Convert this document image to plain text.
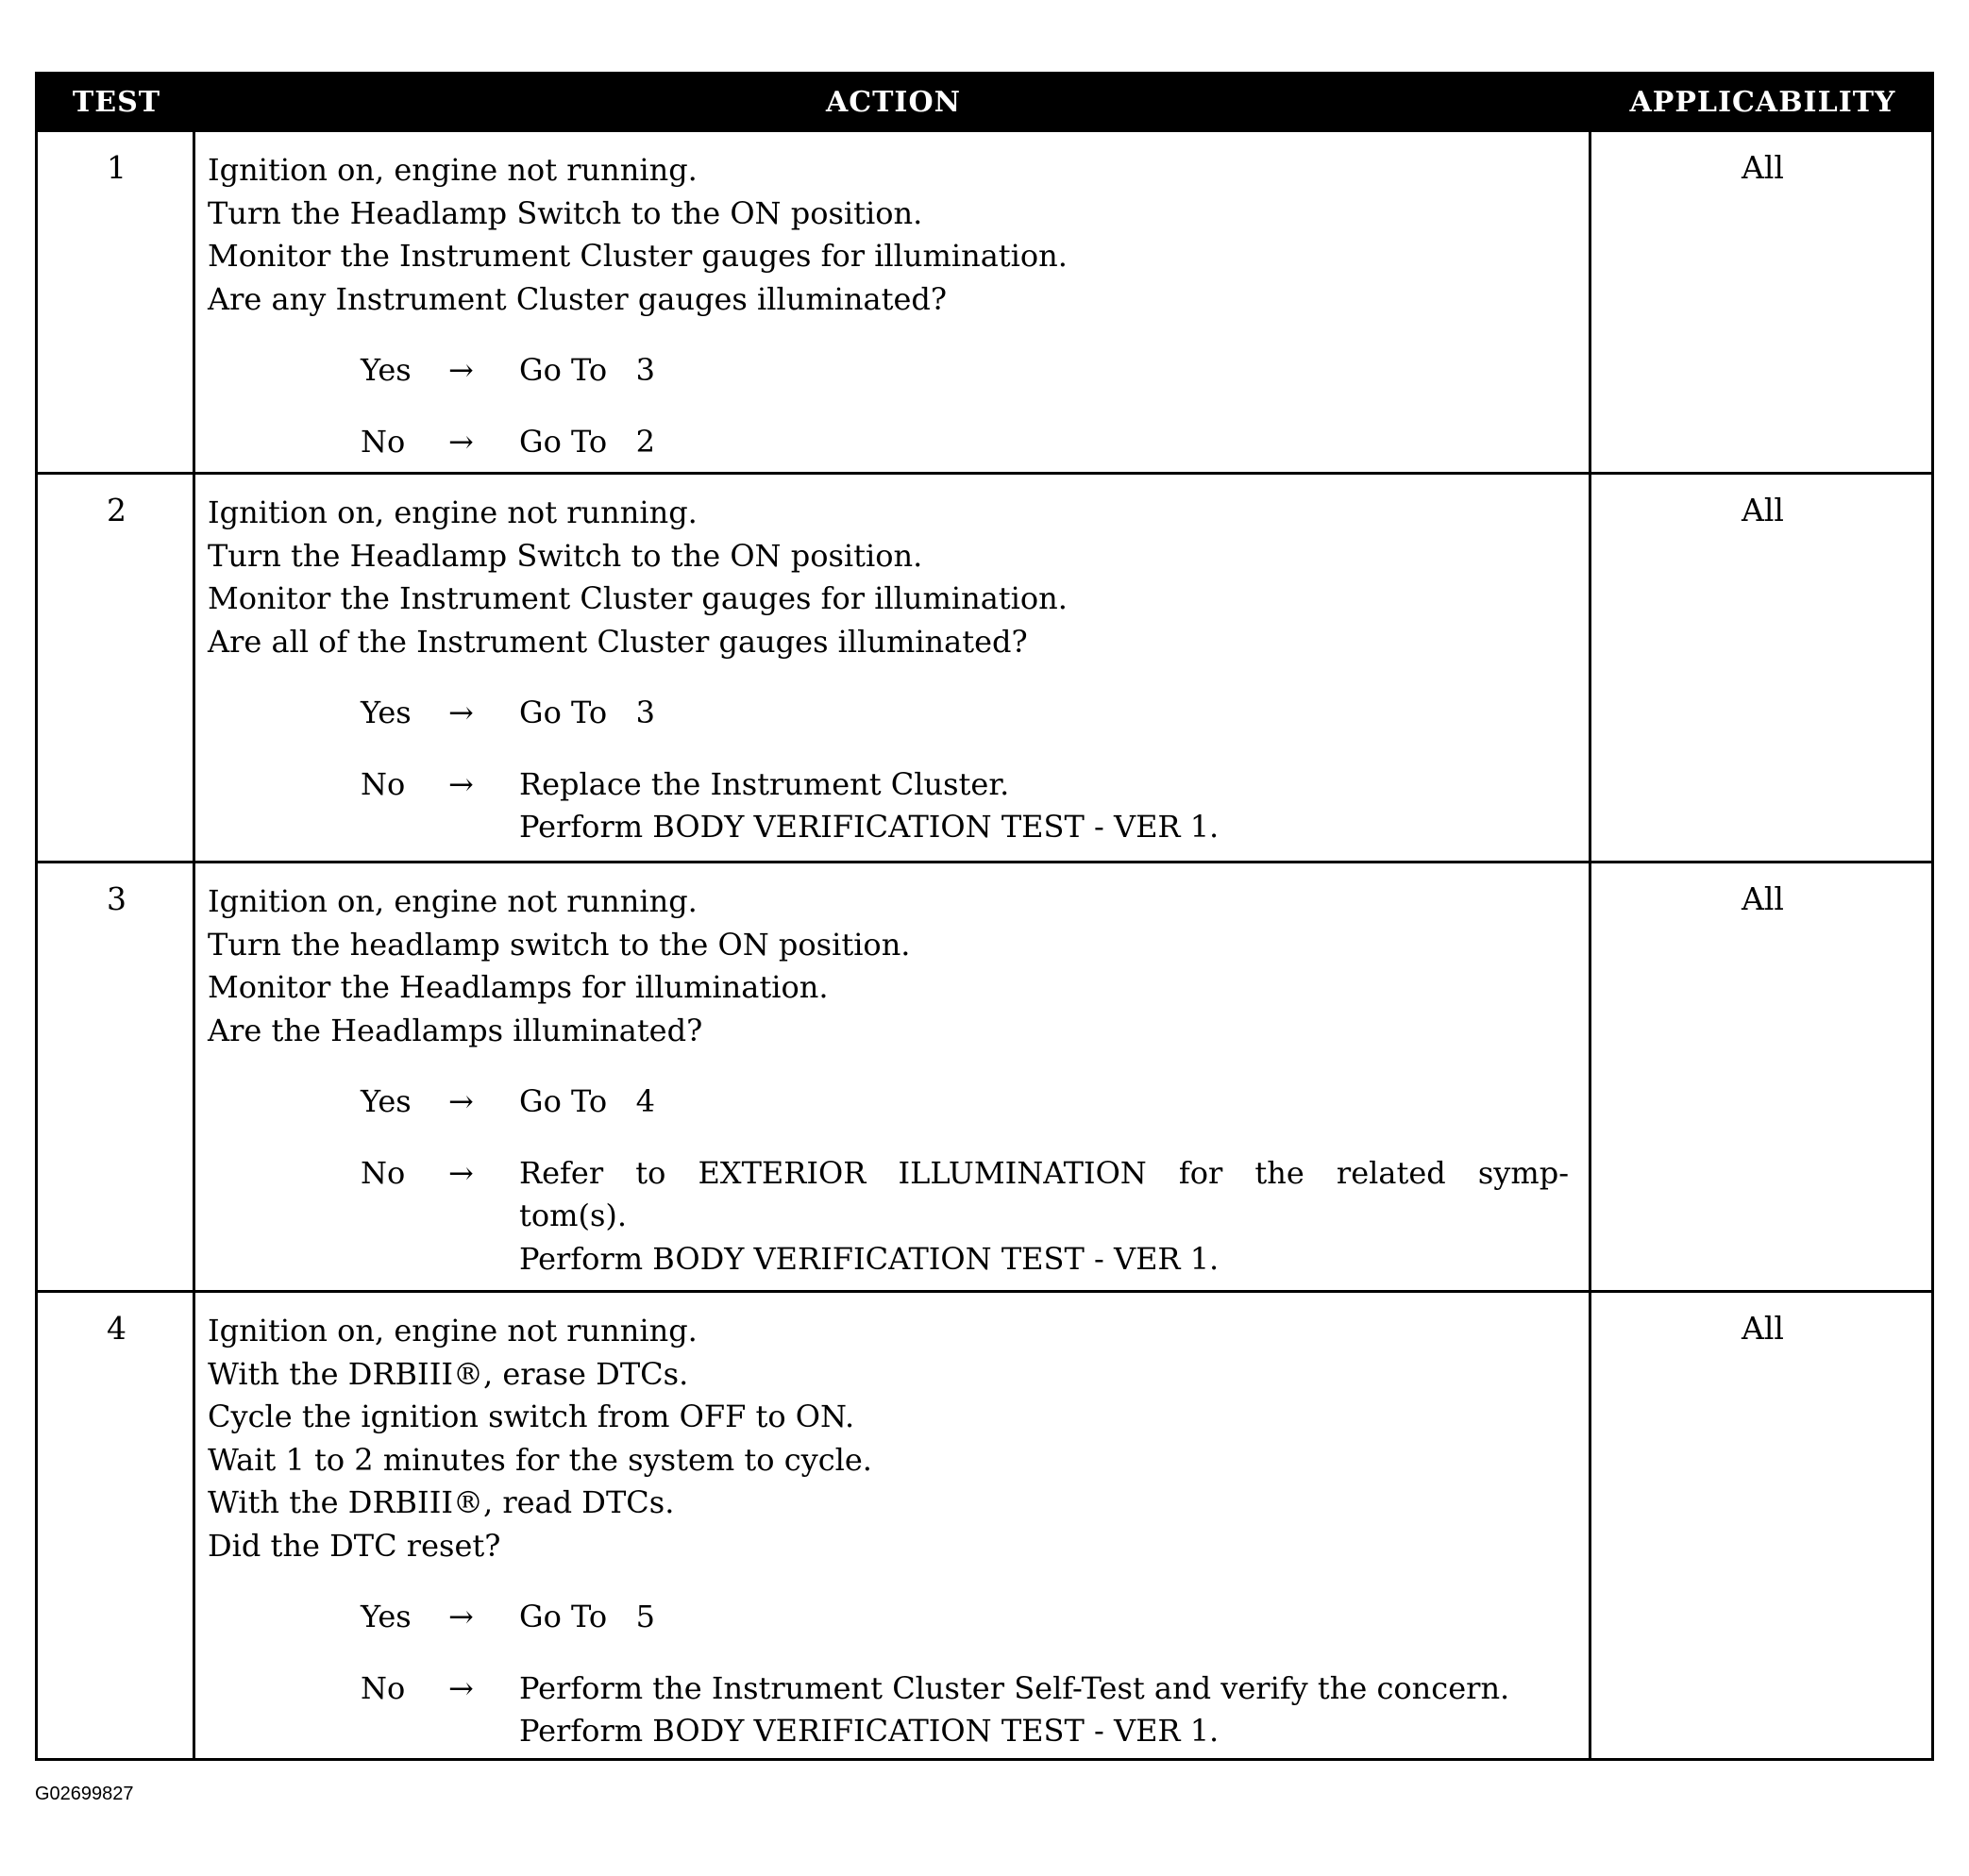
TEST	ACTION	APPLICABILITY
1	Ignition on, engine not running.
Turn the Headlamp Switch to the ON position.
Monitor the Instrument Cluster gauges for illumination.
Are any Instrument Cluster gauges illuminated?
Yes → Go To   3
No → Go To   2
All
2	Ignition on, engine not running.
Turn the Headlamp Switch to the ON position.
Monitor the Instrument Cluster gauges for illumination.
Are all of the Instrument Cluster gauges illuminated?
Yes → Go To   3
No → Replace the Instrument Cluster.
Perform BODY VERIFICATION TEST - VER 1.
All
3	Ignition on, engine not running.
Turn the headlamp switch to the ON position.
Monitor the Headlamps for illumination.
Are the Headlamps illuminated?
Yes → Go To   4
No → Refer to EXTERIOR ILLUMINATION for the related symp-
tom(s).
Perform BODY VERIFICATION TEST - VER 1.
All
4	Ignition on, engine not running.
With the DRBIII®, erase DTCs.
Cycle the ignition switch from OFF to ON.
Wait 1 to 2 minutes for the system to cycle.
With the DRBIII®, read DTCs.
Did the DTC reset?
Yes → Go To   5
No → Perform the Instrument Cluster Self-Test and verify the concern.
Perform BODY VERIFICATION TEST - VER 1.
All
G02699827
